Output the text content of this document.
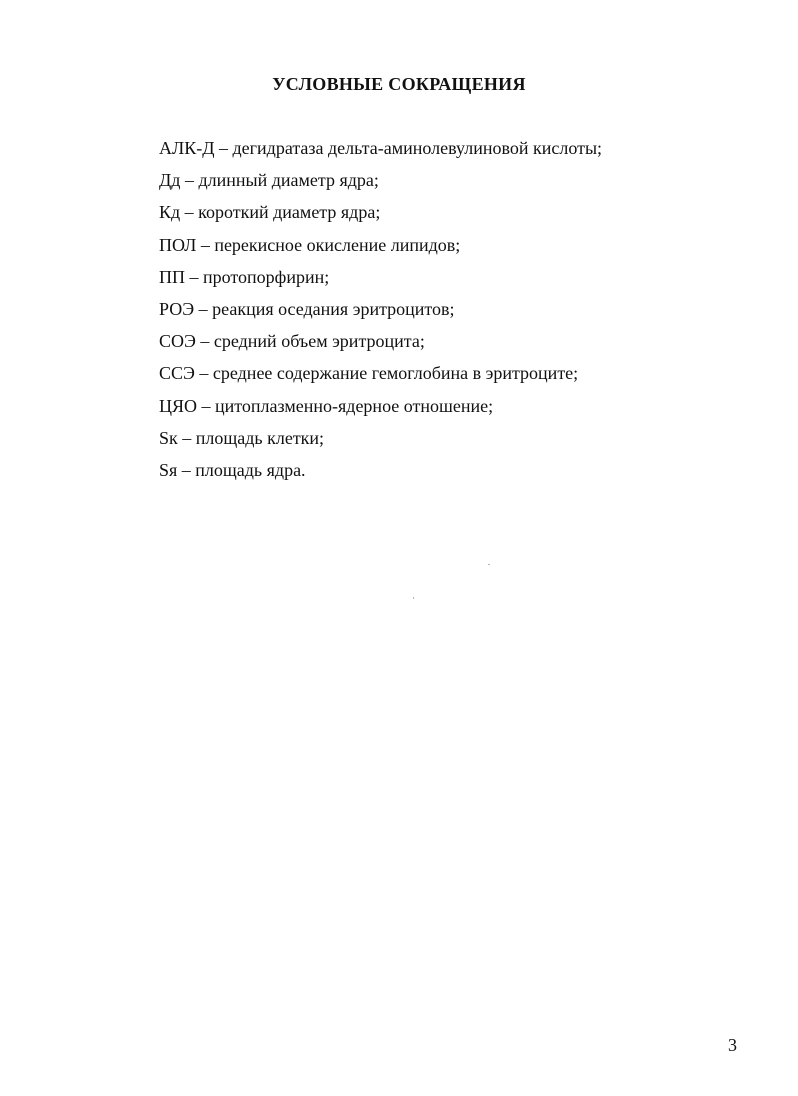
УСЛОВНЫЕ СОКРАЩЕНИЯ
АЛК-Д – дегидратаза дельта-аминолевулиновой кислоты;
Дд – длинный диаметр ядра;
Кд – короткий диаметр ядра;
ПОЛ – перекисное окисление липидов;
ПП – протопорфирин;
РОЭ – реакция оседания эритроцитов;
СОЭ – средний объем эритроцита;
ССЭ – среднее содержание гемоглобина в эритроците;
ЦЯО – цитоплазменно-ядерное отношение;
Sк – площадь клетки;
Sя – площадь ядра.
3
